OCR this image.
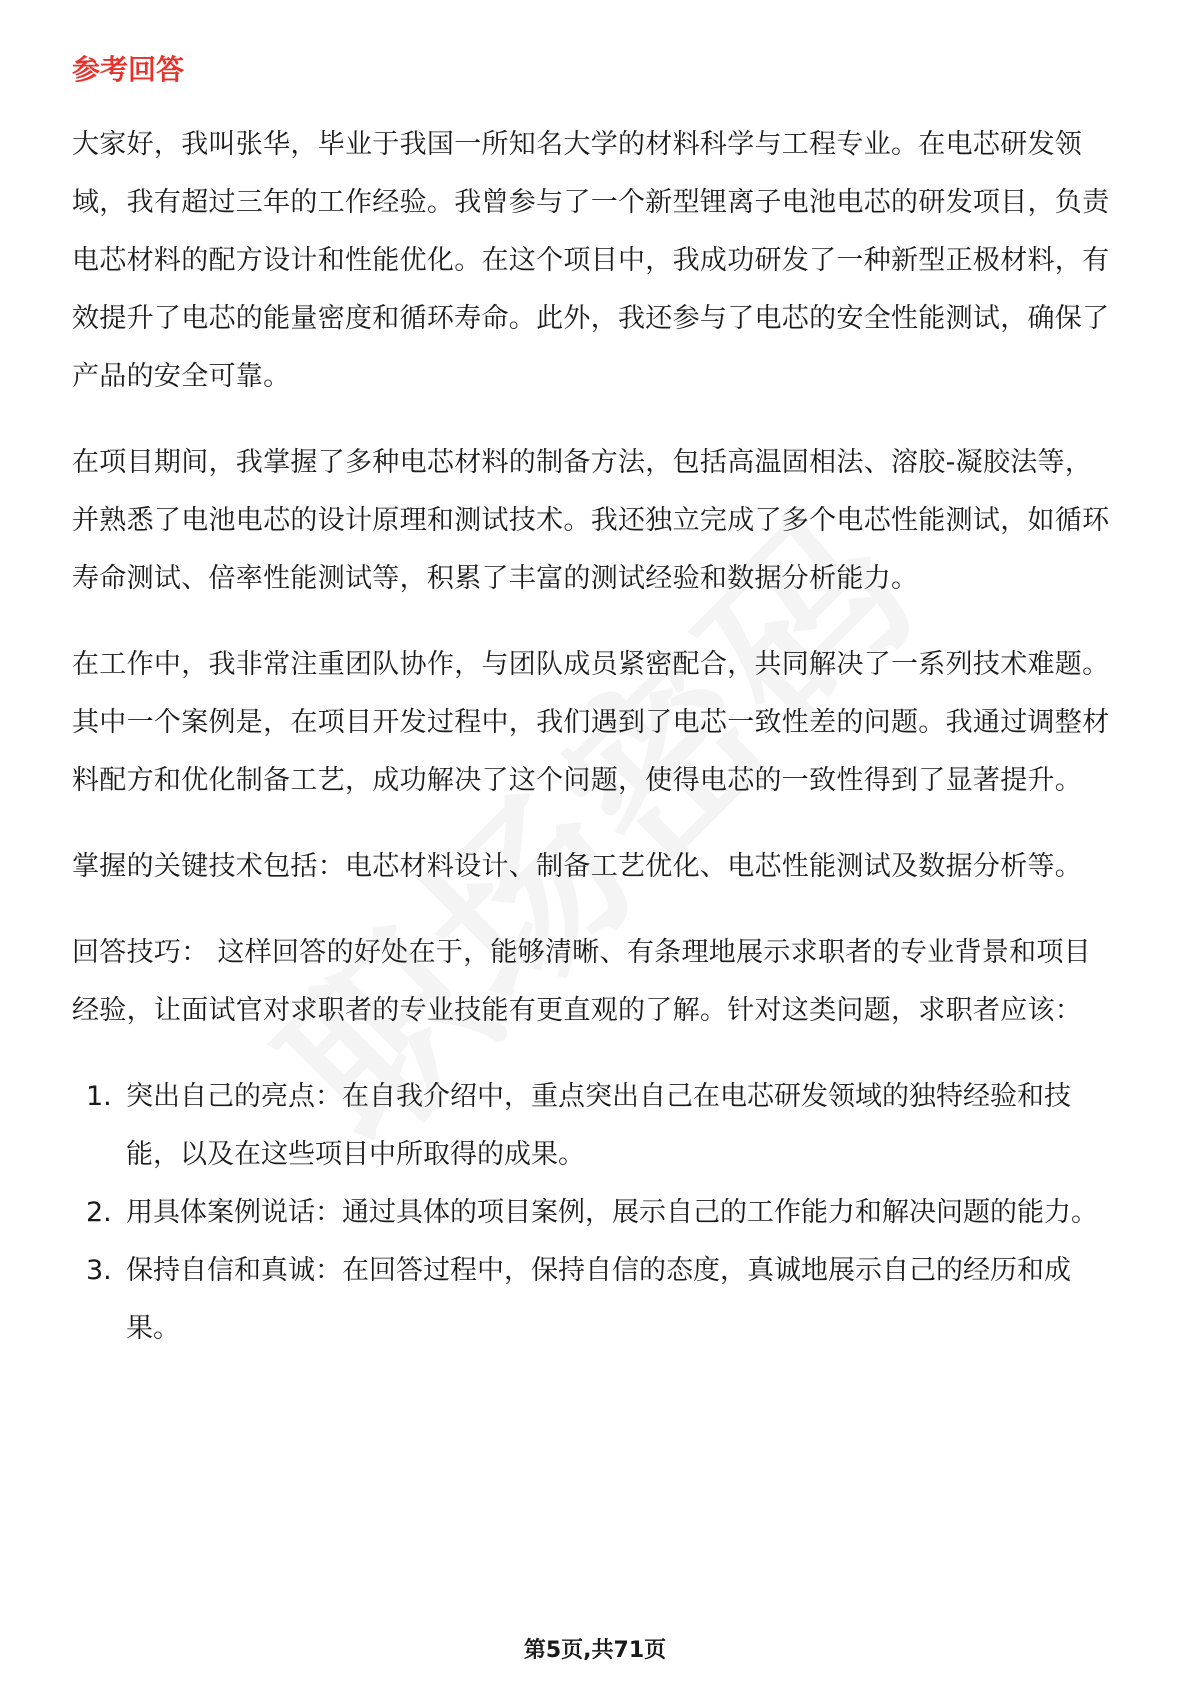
参考回答

大家好，我叫张华，毕业于我国一所知名大学的材料科学与工程专业。在电芯研发领域，我有超过三年的工作经验。我曾参与了一个新型锂离子电池电芯的研发项目，负责电芯材料的配方设计和性能优化。在这个项目中，我成功研发了一种新型正极材料，有效提升了电芯的能量密度和循环寿命。此外，我还参与了电芯的安全性能测试，确保了产品的安全可靠。

在项目期间，我掌握了多种电芯材料的制备方法，包括高温固相法、溶胶-凝胶法等，并熟悉了电池电芯的设计原理和测试技术。我还独立完成了多个电芯性能测试，如循环寿命测试、倍率性能测试等，积累了丰富的测试经验和数据分析能力。

在工作中，我非常注重团队协作，与团队成员紧密配合，共同解决了一系列技术难题。其中一个案例是，在项目开发过程中，我们遇到了电芯一致性差的问题。我通过调整材料配方和优化制备工艺，成功解决了这个问题，使得电芯的一致性得到了显著提升。

掌握的关键技术包括：电芯材料设计、制备工艺优化、电芯性能测试及数据分析等。

回答技巧： 这样回答的好处在于，能够清晰、有条理地展示求职者的专业背景和项目经验，让面试官对求职者的专业技能有更直观的了解。针对这类问题，求职者应该：

1. 突出自己的亮点：在自我介绍中，重点突出自己在电芯研发领域的独特经验和技能，以及在这些项目中所取得的成果。
2. 用具体案例说话：通过具体的项目案例，展示自己的工作能力和解决问题的能力。
3. 保持自信和真诚：在回答过程中，保持自信的态度，真诚地展示自己的经历和成果。
第5页,共71页
